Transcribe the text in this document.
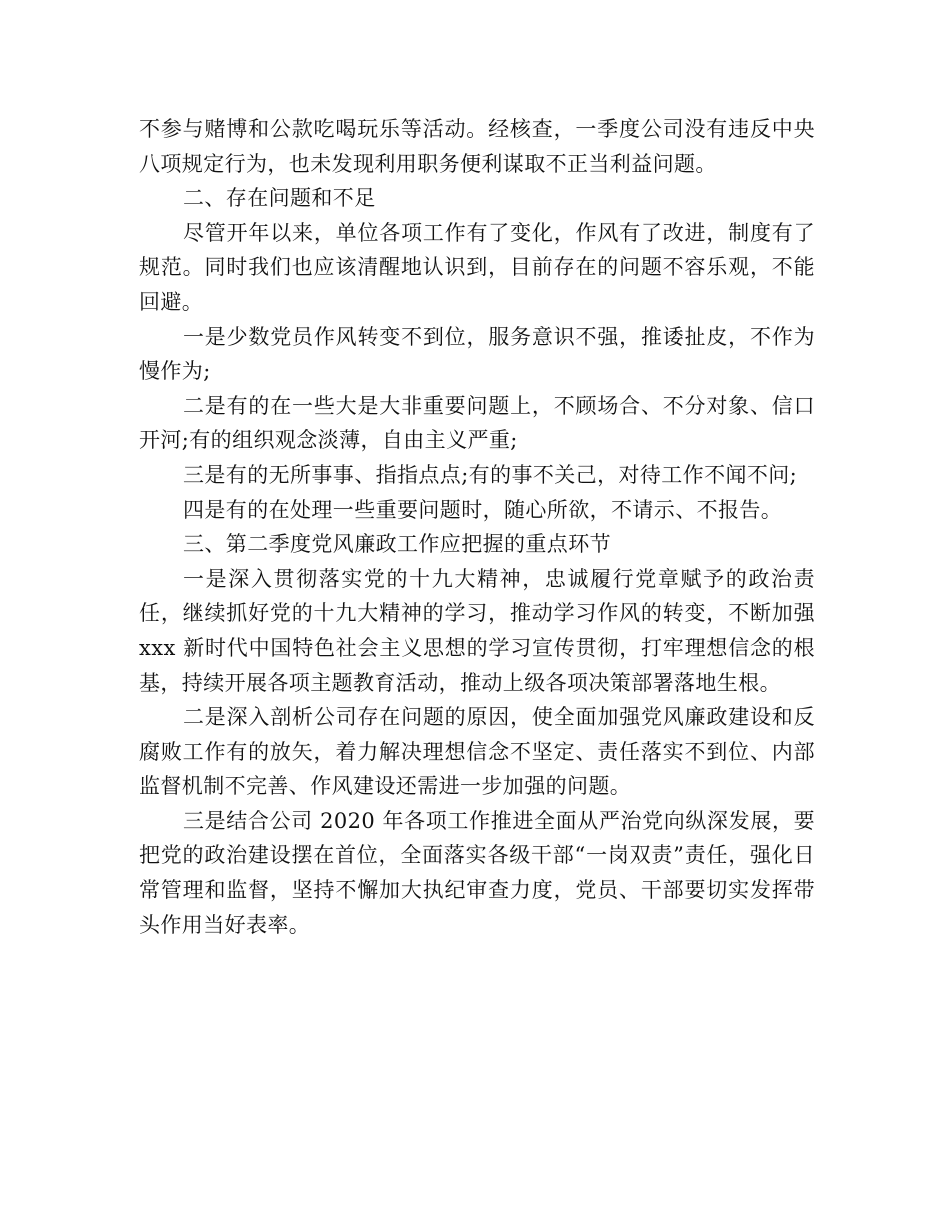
不参与赌博和公款吃喝玩乐等活动。经核查，一季度公司没有违反中央八项规定行为，也未发现利用职务便利谋取不正当利益问题。

二、存在问题和不足

尽管开年以来，单位各项工作有了变化，作风有了改进，制度有了规范。同时我们也应该清醒地认识到，目前存在的问题不容乐观，不能回避。

一是少数党员作风转变不到位，服务意识不强，推诿扯皮，不作为慢作为;

二是有的在一些大是大非重要问题上，不顾场合、不分对象、信口开河;有的组织观念淡薄，自由主义严重;

三是有的无所事事、指指点点;有的事不关己，对待工作不闻不问;

四是有的在处理一些重要问题时，随心所欲，不请示、不报告。

三、第二季度党风廉政工作应把握的重点环节

一是深入贯彻落实党的十九大精神，忠诚履行党章赋予的政治责任，继续抓好党的十九大精神的学习，推动学习作风的转变，不断加强 xxx 新时代中国特色社会主义思想的学习宣传贯彻，打牢理想信念的根基，持续开展各项主题教育活动，推动上级各项决策部署落地生根。

二是深入剖析公司存在问题的原因，使全面加强党风廉政建设和反腐败工作有的放矢，着力解决理想信念不坚定、责任落实不到位、内部监督机制不完善、作风建设还需进一步加强的问题。

三是结合公司 2020 年各项工作推进全面从严治党向纵深发展，要把党的政治建设摆在首位，全面落实各级干部“一岗双责”责任，强化日常管理和监督，坚持不懈加大执纪审查力度，党员、干部要切实发挥带头作用当好表率。
